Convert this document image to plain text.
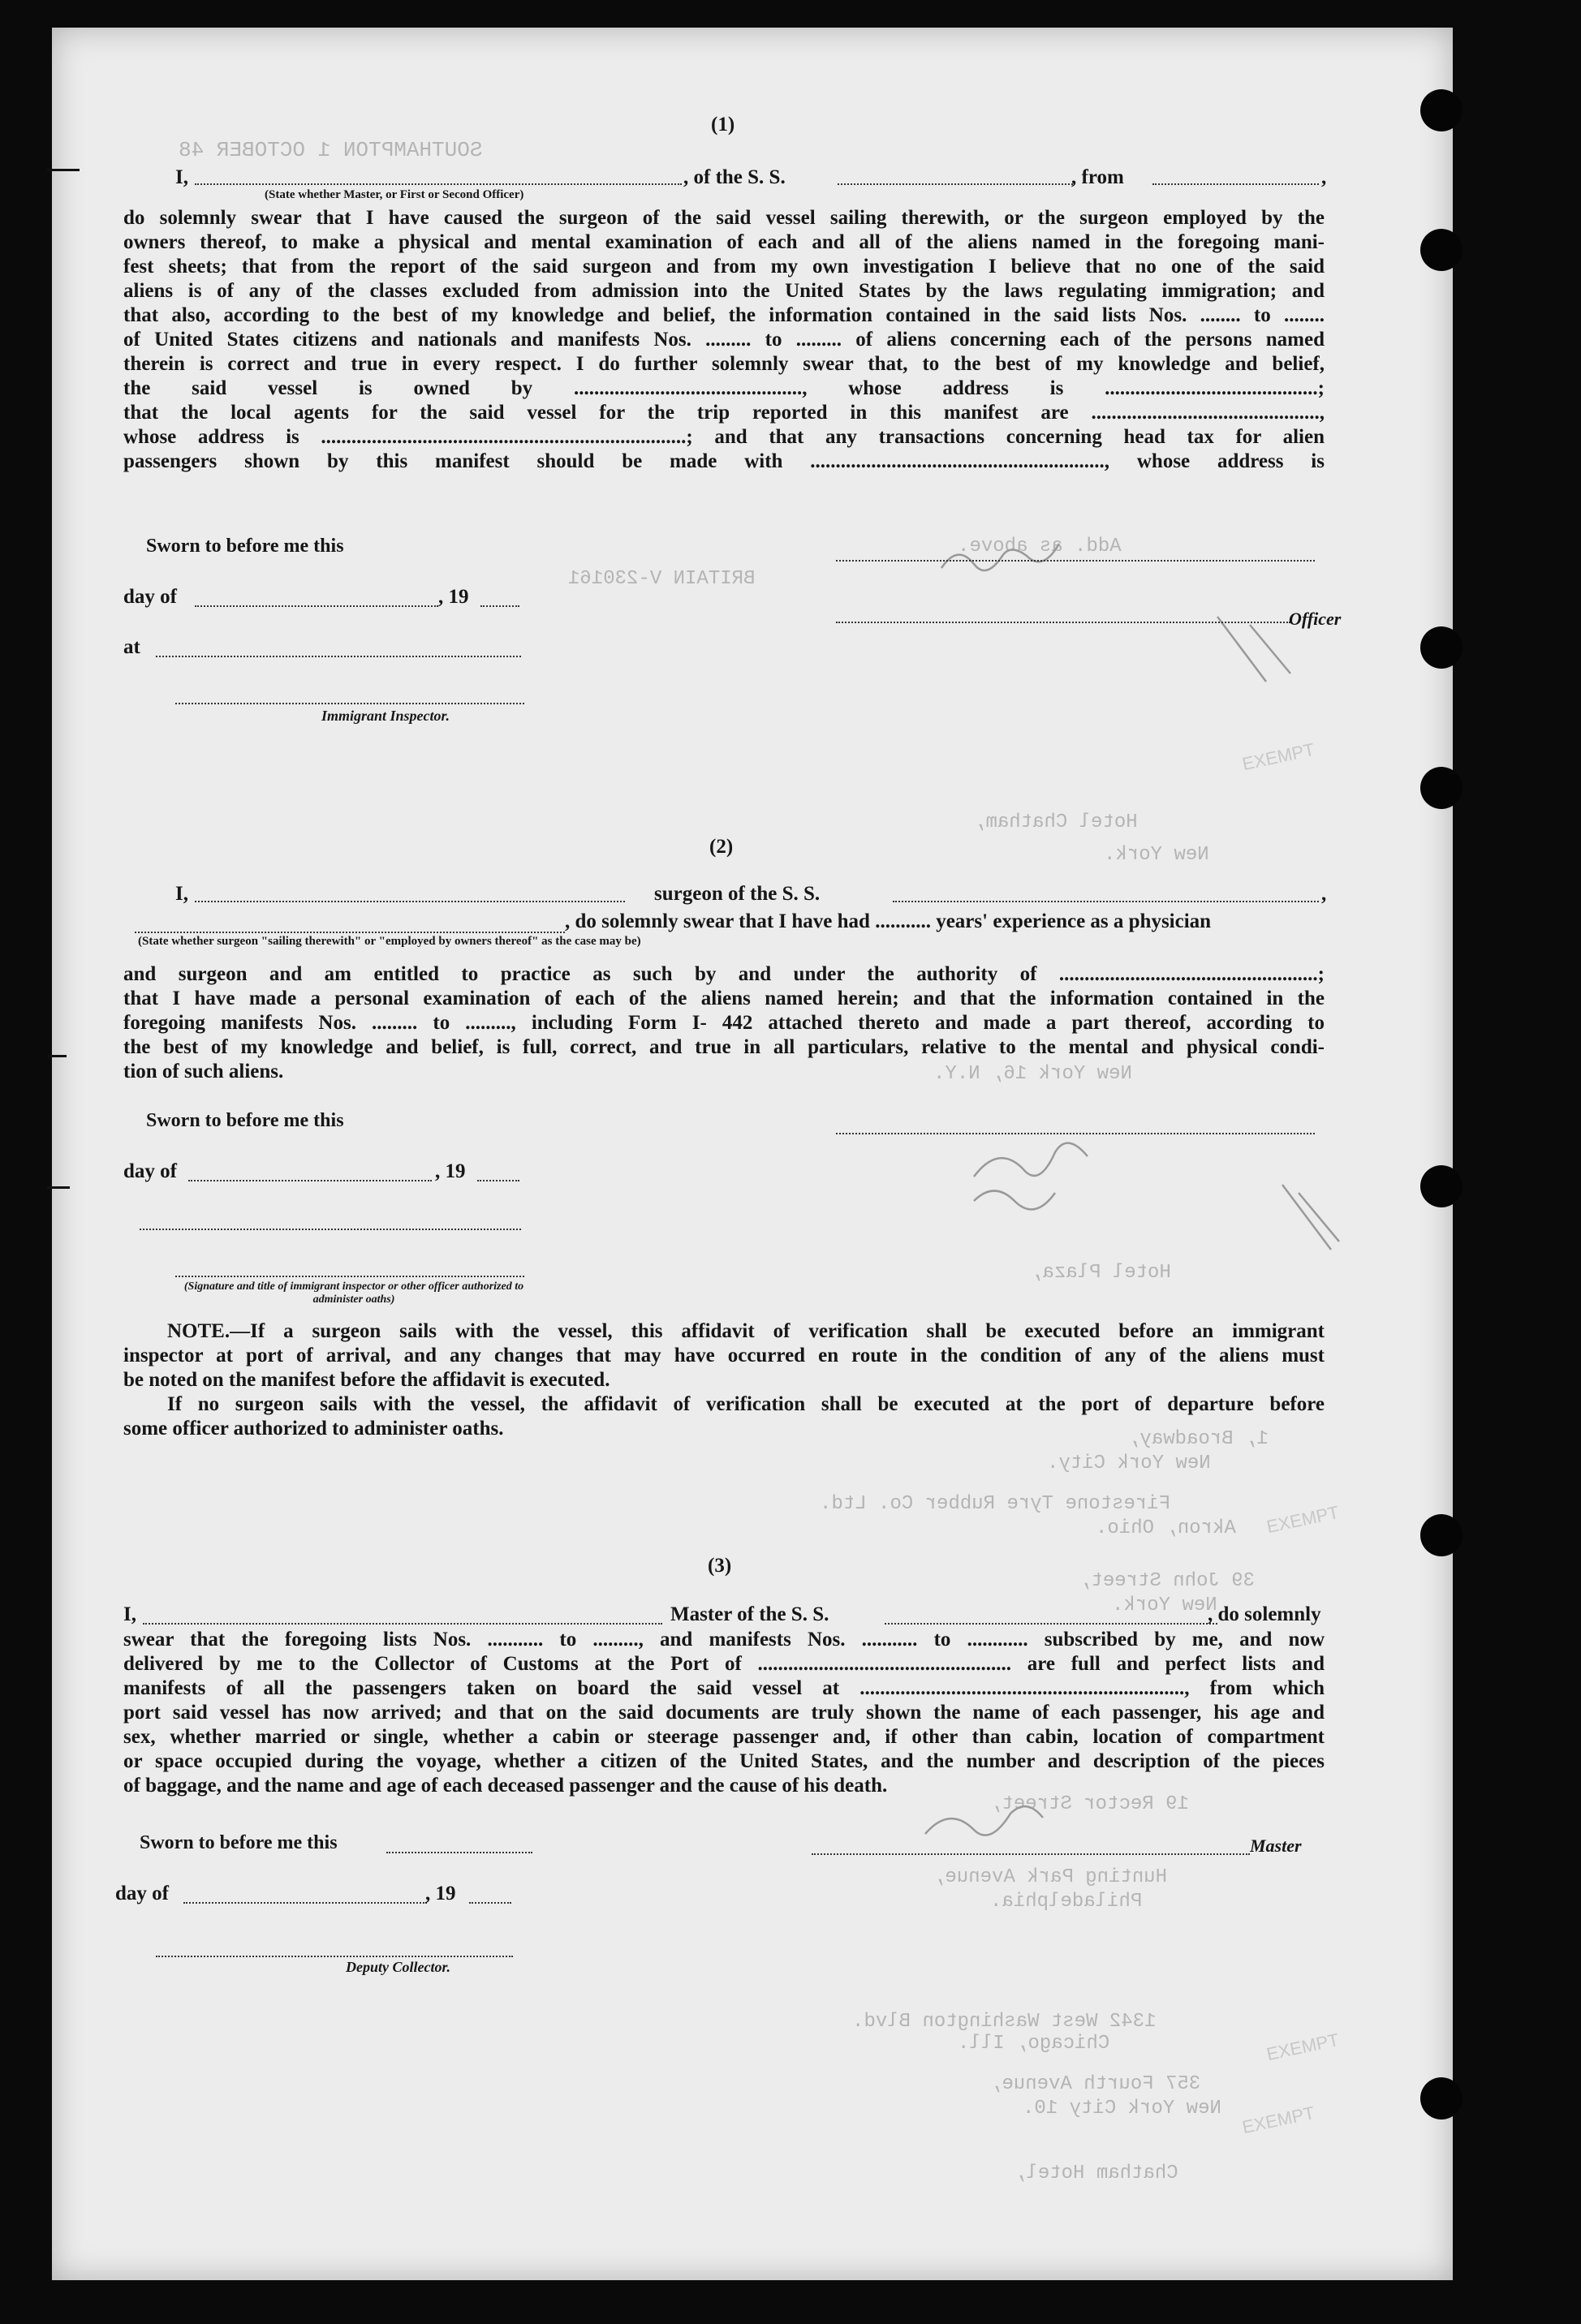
SOUTHAMPTON 1 OCTOBER 48
BRITAIN V-230161
Add. as above.
Hotel Chatham,
New York.
New York 16, N.Y.
Hotel Plaza,
1, Broadway,
New York City.
Firestone Tyre Rubber Co. Ltd.
Akron, Ohio.
39 John Street,
New York.
19 Rector Street,
Hunting Park Avenue,
Philadelphia.
1342 West Washington Blvd.
Chicago, Ill.
357 Fourth Avenue,
New York City 10.
Chatham Hotel,
EXEMPT
EXEMPT
EXEMPT
EXEMPT
(1)
I,	, of the S. S.	, from	,
(State whether Master, or First or Second Officer)
do solemnly swear that I have caused the surgeon of the said vessel sailing therewith, or the surgeon employed by the
owners thereof, to make a physical and mental examination of each and all of the aliens named in the foregoing mani-
fest sheets; that from the report of the said surgeon and from my own investigation I believe that no one of the said
aliens is of any of the classes excluded from admission into the United States by the laws regulating immigration; and
that also, according to the best of my knowledge and belief, the information contained in the said lists Nos. ........ to ........
of United States citizens and nationals and manifests Nos. ......... to ......... of aliens concerning each of the persons named
therein is correct and true in every respect. I do further solemnly swear that, to the best of my knowledge and belief,
the said vessel is owned by ............................................., whose address is ..........................................;
that the local agents for the said vessel for the trip reported in this manifest are .............................................,
whose address is ........................................................................; and that any transactions concerning head tax for alien
passengers shown by this manifest should be made with .........................................................., whose address is
Sworn to before me this
day of	, 19
Officer
at
Immigrant Inspector.
(2)
I,	surgeon of the S. S.	,
, do solemnly swear that I have had ........... years' experience as a physician
(State whether surgeon "sailing therewith" or "employed by owners thereof" as the case may be)
and surgeon and am entitled to practice as such by and under the authority of ...................................................;
that I have made a personal examination of each of the aliens named herein; and that the information contained in the
foregoing manifests Nos. ......... to ........., including Form I- 442 attached thereto and made a part thereof, according to
the best of my knowledge and belief, is full, correct, and true in all particulars, relative to the mental and physical condi-
tion of such aliens.
Sworn to before me this
day of	, 19
(Signature and title of immigrant inspector or other officer authorized to administer oaths)
NOTE.—If a surgeon sails with the vessel, this affidavit of verification shall be executed before an immigrant
inspector at port of arrival, and any changes that may have occurred en route in the condition of any of the aliens must
be noted on the manifest before the affidavit is executed.
If no surgeon sails with the vessel, the affidavit of verification shall be executed at the port of departure before
some officer authorized to administer oaths.
(3)
I,	Master of the S. S.	, do solemnly
swear that the foregoing lists Nos. ........... to ........., and manifests Nos. ........... to ............ subscribed by me, and now
delivered by me to the Collector of Customs at the Port of .................................................. are full and perfect lists and
manifests of all the passengers taken on board the said vessel at ................................................................, from which
port said vessel has now arrived; and that on the said documents are truly shown the name of each passenger, his age and
sex, whether married or single, whether a cabin or steerage passenger and, if other than cabin, location of compartment
or space occupied during the voyage, whether a citizen of the United States, and the number and description of the pieces
of baggage, and the name and age of each deceased passenger and the cause of his death.
Sworn to before me this	Master
day of	, 19
Deputy Collector.
